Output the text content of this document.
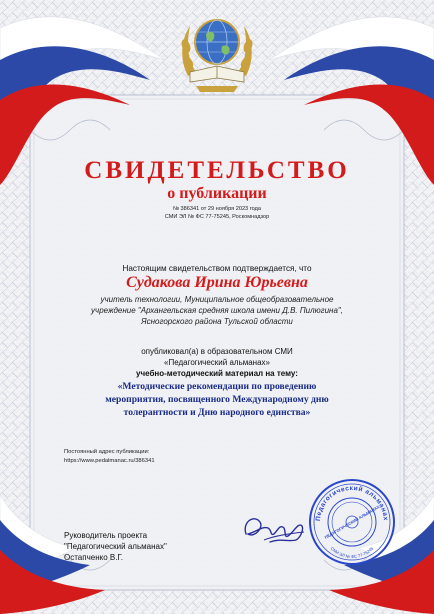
СВИДЕТЕЛЬСТВО
о публикации
№ 386341 от 29 ноября 2023 года
СМИ ЭЛ № ФС 77-75245, Роскомнадзор
Настоящим свидетельством подтверждается, что
Судакова Ирина Юрьевна
учитель технологии, Муниципальное общеобразовательное
учреждение "Архангельская средняя школа имени Д.В. Пилюгина",
Ясногорского района Тульской области
опубликовал(а) в образовательном СМИ
«Педагогический альманах»
учебно-методический материал на тему:
«Методические рекомендации по проведению
мероприятия, посвященного Международному дню
толерантности и Дню народного единства»
Постоянный адрес публикации:
https://www.pedalmanac.ru/386341
Руководитель проекта
"Педагогический альманах"
Остапченко В.Г.
Педагогический альманах
СМИ ЭЛ № ФС 77-75245
ПЕДАГОГИЧЕСКИЙ АЛЬМАНАХ
